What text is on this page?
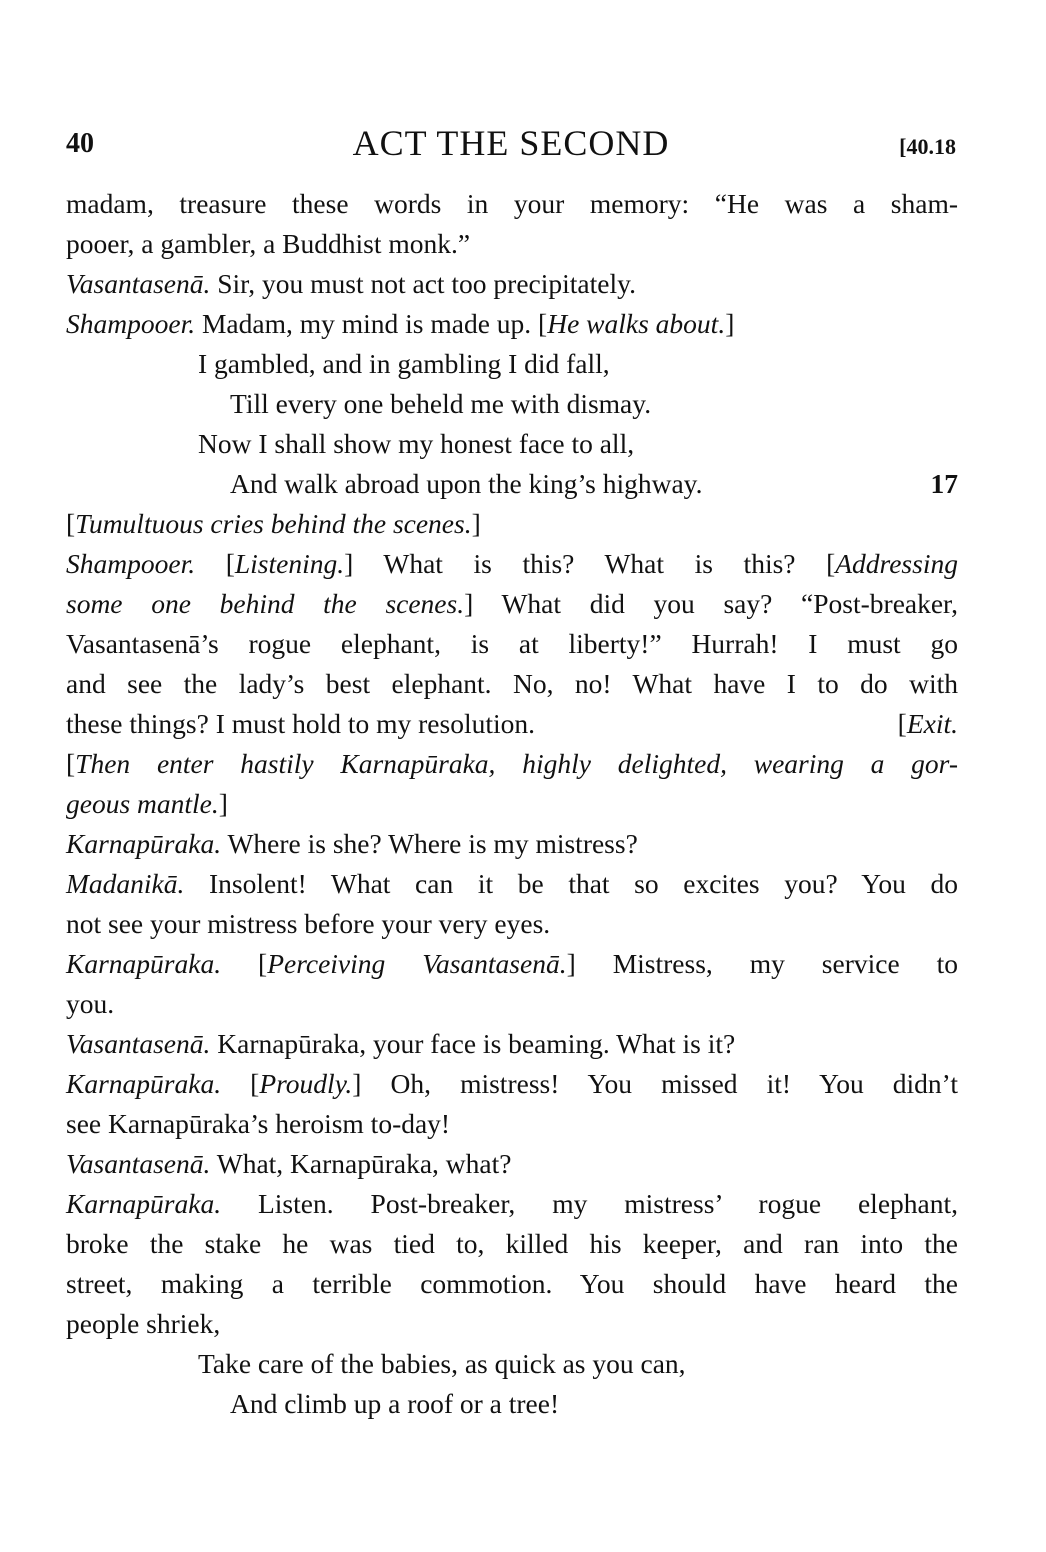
40	ACT THE SECOND	[40.18

madam, treasure these words in your memory: “He was a sham-

pooer, a gambler, a Buddhist monk.”

Vasantasenā. Sir, you must not act too precipitately.

Shampooer. Madam, my mind is made up. [He walks about.]

I gambled, and in gambling I did fall,

Till every one beheld me with dismay.

Now I shall show my honest face to all,

And walk abroad upon the king’s highway.	17

[Tumultuous cries behind the scenes.]

Shampooer. [Listening.] What is this? What is this? [Addressing

some one behind the scenes.] What did you say? “Post-breaker,

Vasantasenā’s rogue elephant, is at liberty!” Hurrah! I must go

and see the lady’s best elephant. No, no! What have I to do with

these things? I must hold to my resolution.	[Exit.

[Then enter hastily Karnapūraka, highly delighted, wearing a gor-

geous mantle.]

Karnapūraka. Where is she? Where is my mistress?

Madanikā. Insolent! What can it be that so excites you? You do

not see your mistress before your very eyes.

Karnapūraka. [Perceiving Vasantasenā.] Mistress, my service to

you.

Vasantasenā. Karnapūraka, your face is beaming. What is it?

Karnapūraka. [Proudly.] Oh, mistress! You missed it! You didn’t

see Karnapūraka’s heroism to-day!

Vasantasenā. What, Karnapūraka, what?

Karnapūraka. Listen. Post-breaker, my mistress’ rogue elephant,

broke the stake he was tied to, killed his keeper, and ran into the

street, making a terrible commotion. You should have heard the

people shriek,

Take care of the babies, as quick as you can,

And climb up a roof or a tree!
